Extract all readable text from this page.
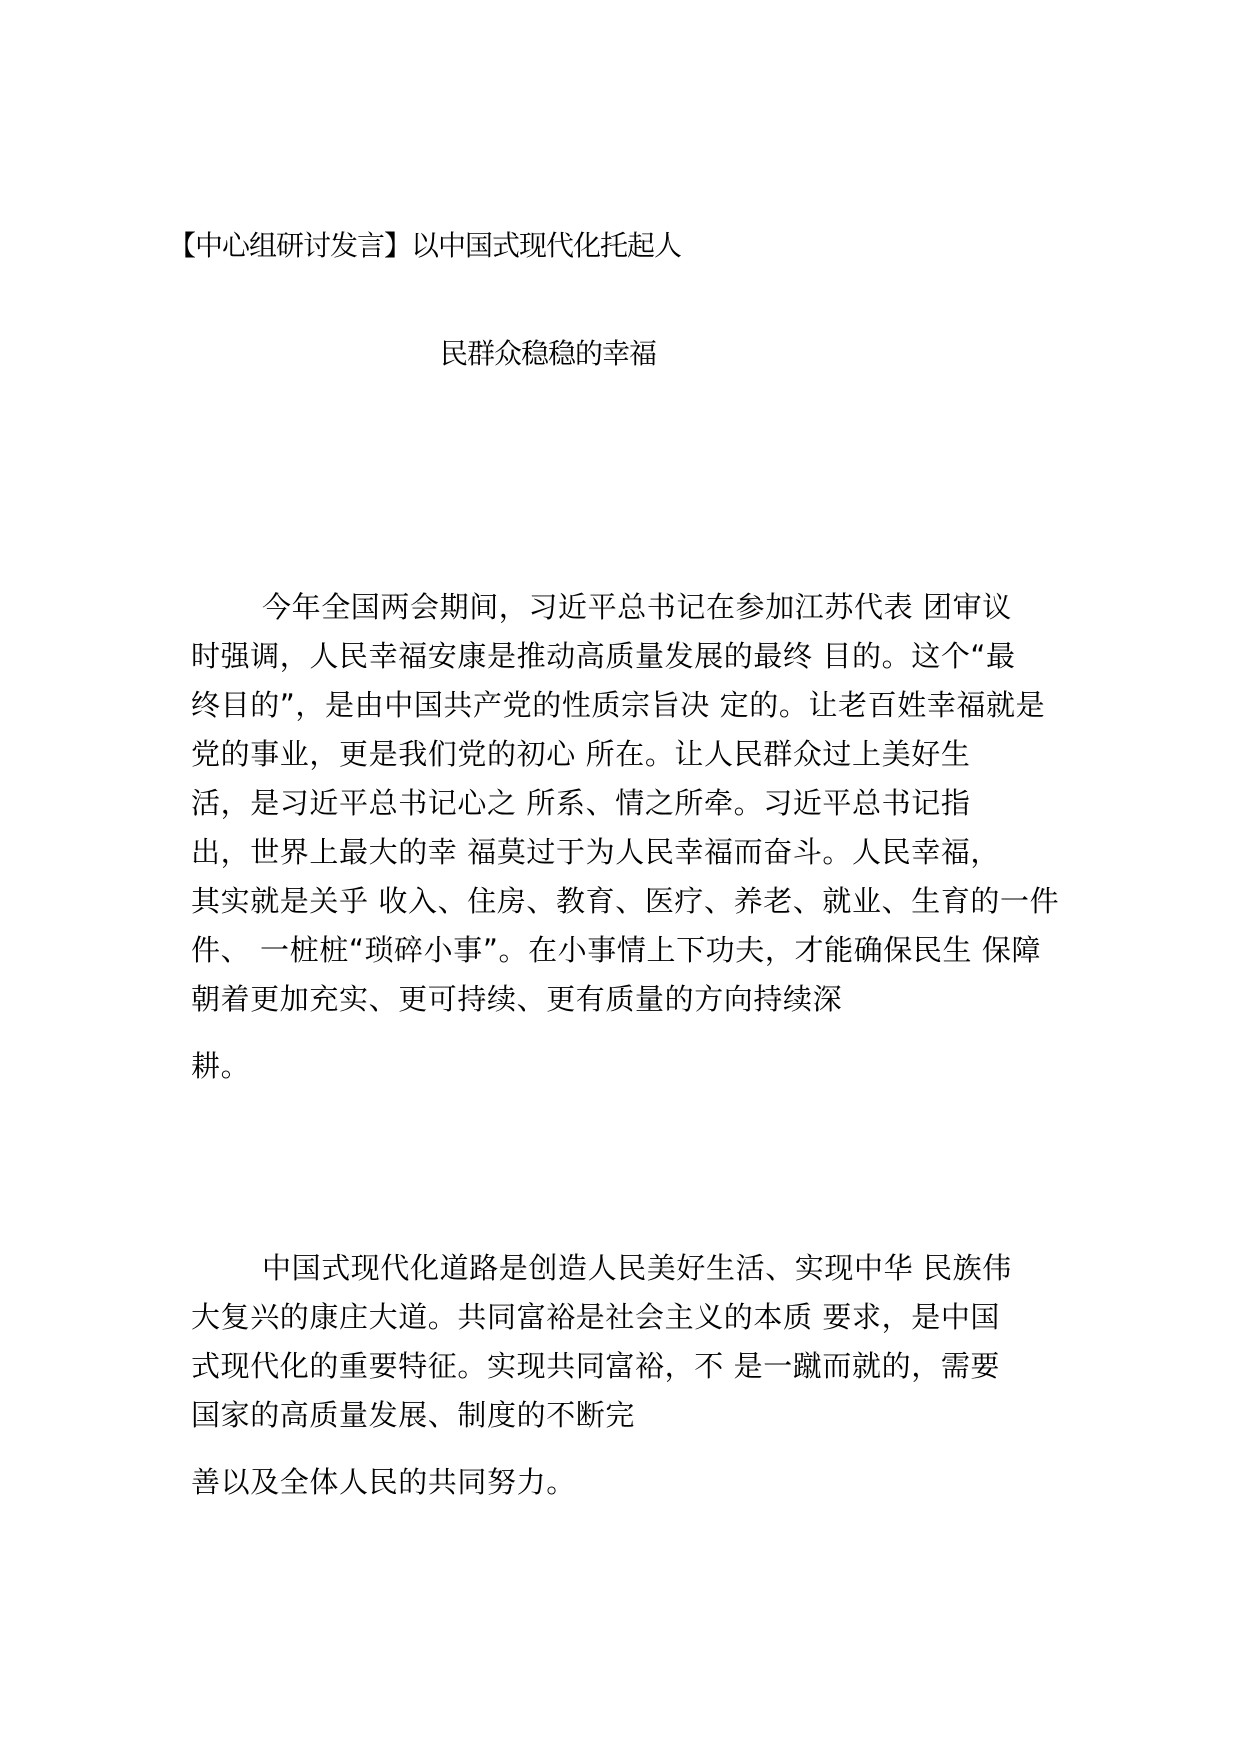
【中心组研讨发言】以中国式现代化托起人
民群众稳稳的幸福
今年全国两会期间，习近平总书记在参加江苏代表 团审议
时强调，人民幸福安康是推动高质量发展的最终 目的。这个“最
终目的”，是由中国共产党的性质宗旨决 定的。让老百姓幸福就是
党的事业，更是我们党的初心 所在。让人民群众过上美好生
活，是习近平总书记心之 所系、情之所牵。习近平总书记指
出，世界上最大的幸 福莫过于为人民幸福而奋斗。人民幸福，
其实就是关乎 收入、住房、教育、医疗、养老、就业、生育的一件
件、 一桩桩“琐碎小事”。在小事情上下功夫，才能确保民生 保障
朝着更加充实、更可持续、更有质量的方向持续深
耕。
中国式现代化道路是创造人民美好生活、实现中华 民族伟
大复兴的康庄大道。共同富裕是社会主义的本质 要求，是中国
式现代化的重要特征。实现共同富裕，不 是一蹴而就的，需要
国家的高质量发展、制度的不断完
善以及全体人民的共同努力。
